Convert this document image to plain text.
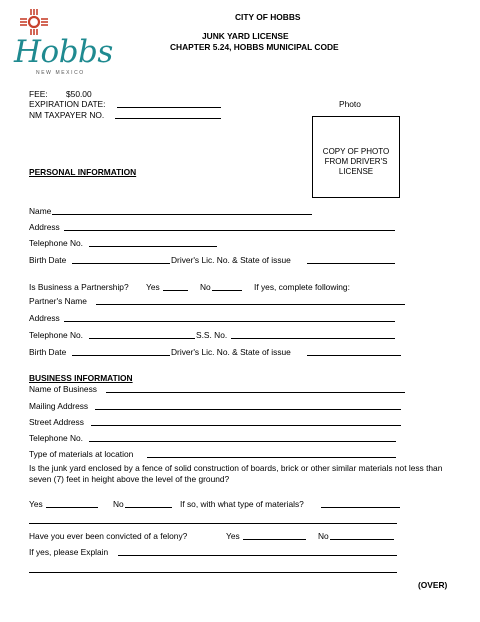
Hobbs
NEW MEXICO
CITY OF HOBBS
JUNK YARD LICENSE
CHAPTER 5.24, HOBBS MUNICIPAL CODE
FEE: $50.00
EXPIRATION DATE:
NM TAXPAYER NO.
Photo
COPY OF PHOTO
FROM DRIVER'S
LICENSE
PERSONAL INFORMATION
Name
Address
Telephone No.
Birth Date	Driver's Lic. No. & State of issue
Is Business a Partnership? Yes	No	If yes, complete following:
Partner's Name
Address
Telephone No.	S.S. No.
Birth Date	Driver's Lic. No. & State of issue
BUSINESS INFORMATION
Name of Business
Mailing Address
Street Address
Telephone No.
Type of materials at location
Is the junk yard enclosed by a fence of solid construction of boards, brick or other similar materials not less than seven (7) feet in height above the level of the ground?
Yes	No	If so, with what type of materials?
Have you ever been convicted of a felony?	Yes	No
If yes, please Explain
(OVER)
